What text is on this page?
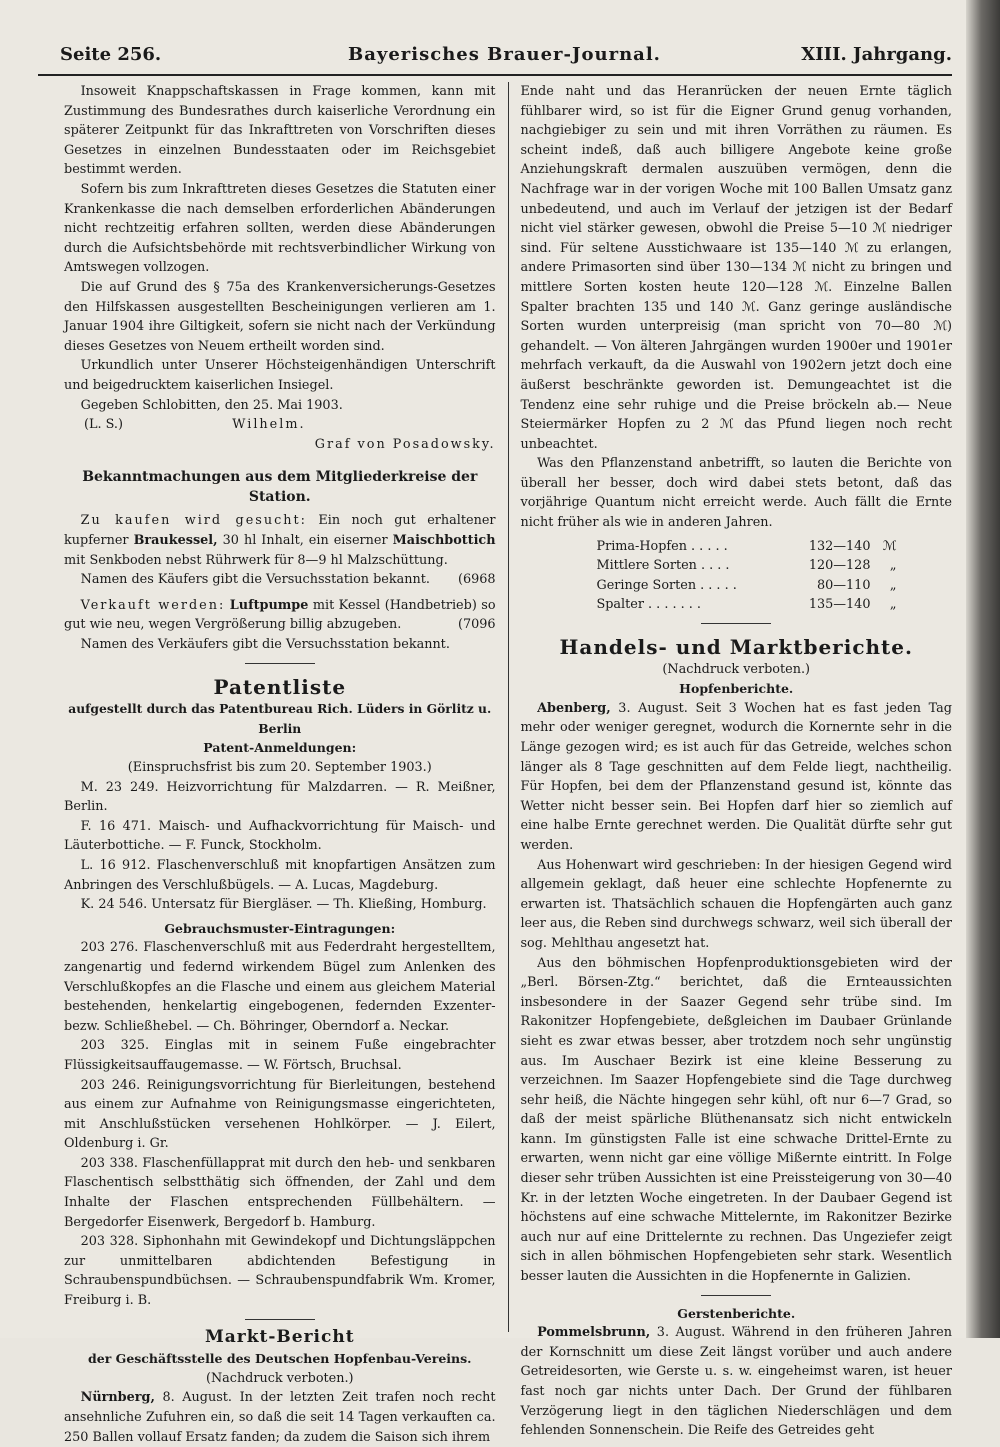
Seite 256.	Bayerisches Brauer-Journal.	XIII. Jahrgang.

Insoweit Knappschaftskassen in Frage kommen, kann mit Zustimmung des Bundesrathes durch kaiserliche Verordnung ein späterer Zeitpunkt für das Inkrafttreten von Vorschriften dieses Gesetzes in einzelnen Bundesstaaten oder im Reichsgebiet bestimmt werden.

Sofern bis zum Inkrafttreten dieses Gesetzes die Statuten einer Krankenkasse die nach demselben erforderlichen Abänderungen nicht rechtzeitig erfahren sollten, werden diese Abänderungen durch die Aufsichtsbehörde mit rechtsverbindlicher Wirkung von Amtswegen vollzogen.

Die auf Grund des § 75a des Krankenversicherungs-Gesetzes den Hilfskassen ausgestellten Bescheinigungen verlieren am 1. Januar 1904 ihre Giltigkeit, sofern sie nicht nach der Verkündung dieses Gesetzes von Neuem ertheilt worden sind.

Urkundlich unter Unserer Höchsteigenhändigen Unterschrift und beigedrucktem kaiserlichen Insiegel.

Gegeben Schlobitten, den 25. Mai 1903.

(L. S.)	Wilhelm.
Graf von Posadowsky.
Bekanntmachungen aus dem Mitgliederkreise der Station.

Zu kaufen wird gesucht: Ein noch gut erhaltener kupferner Braukessel, 30 hl Inhalt, ein eiserner Maischbottich mit Senkboden nebst Rührwerk für 8—9 hl Malzschüttung.
(6968

Namen des Käufers gibt die Versuchsstation bekannt.

Verkauft werden: Luftpumpe mit Kessel (Handbetrieb) so gut wie neu, wegen Vergrößerung billig abzugeben.	(7096

Namen des Verkäufers gibt die Versuchsstation bekannt.

Patentliste
aufgestellt durch das Patentbureau Rich. Lüders in Görlitz u. Berlin
Patent-Anmeldungen:
(Einspruchsfrist bis zum 20. September 1903.)

M. 23 249. Heizvorrichtung für Malzdarren. — R. Meißner, Berlin.

F. 16 471. Maisch- und Aufhackvorrichtung für Maisch- und Läuterbottiche. — F. Funck, Stockholm.

L. 16 912. Flaschenverschluß mit knopfartigen Ansätzen zum Anbringen des Verschlußbügels. — A. Lucas, Magdeburg.

K. 24 546. Untersatz für Biergläser. — Th. Kließing, Homburg.

Gebrauchsmuster-Eintragungen:

203 276. Flaschenverschluß mit aus Federdraht hergestelltem, zangenartig und federnd wirkendem Bügel zum Anlenken des Verschlußkopfes an die Flasche und einem aus gleichem Material bestehenden, henkelartig eingebogenen, federnden Exzenter- bezw. Schließhebel. — Ch. Böhringer, Oberndorf a. Neckar.

203 325. Einglas mit in seinem Fuße eingebrachter Flüssigkeitsauffaugemasse. — W. Förtsch, Bruchsal.

203 246. Reinigungsvorrichtung für Bierleitungen, bestehend aus einem zur Aufnahme von Reinigungsmasse eingerichteten, mit Anschlußstücken versehenen Hohlkörper. — J. Eilert, Oldenburg i. Gr.

203 338. Flaschenfüllapprat mit durch den heb- und senkbaren Flaschentisch selbstthätig sich öffnenden, der Zahl und dem Inhalte der Flaschen entsprechenden Füllbehältern. — Bergedorfer Eisenwerk, Bergedorf b. Hamburg.

203 328. Siphonhahn mit Gewindekopf und Dichtungsläppchen zur unmittelbaren abdichtenden Befestigung in Schraubenspundbüchsen. — Schraubenspundfabrik Wm. Kromer, Freiburg i. B.

Markt-Bericht
der Geschäftsstelle des Deutschen Hopfenbau-Vereins.
(Nachdruck verboten.)

Nürnberg, 8. August. In der letzten Zeit trafen noch recht ansehnliche Zufuhren ein, so daß die seit 14 Tagen verkauften ca. 250 Ballen vollauf Ersatz fanden; da zudem die Saison sich ihrem

Ende naht und das Heranrücken der neuen Ernte täglich fühlbarer wird, so ist für die Eigner Grund genug vorhanden, nachgiebiger zu sein und mit ihren Vorräthen zu räumen. Es scheint indeß, daß auch billigere Angebote keine große Anziehungskraft dermalen auszuüben vermögen, denn die Nachfrage war in der vorigen Woche mit 100 Ballen Umsatz ganz unbedeutend, und auch im Verlauf der jetzigen ist der Bedarf nicht viel stärker gewesen, obwohl die Preise 5—10 ℳ niedriger sind. Für seltene Ausstichwaare ist 135—140 ℳ zu erlangen, andere Primasorten sind über 130—134 ℳ nicht zu bringen und mittlere Sorten kosten heute 120—128 ℳ. Einzelne Ballen Spalter brachten 135 und 140 ℳ. Ganz geringe ausländische Sorten wurden unterpreisig (man spricht von 70—80 ℳ) gehandelt. — Von älteren Jahrgängen wurden 1900er und 1901er mehrfach verkauft, da die Auswahl von 1902ern jetzt doch eine äußerst beschränkte geworden ist. Demungeachtet ist die Tendenz eine sehr ruhige und die Preise bröckeln ab.— Neue Steiermärker Hopfen zu 2 ℳ das Pfund liegen noch recht unbeachtet.

Was den Pflanzenstand anbetrifft, so lauten die Berichte von überall her besser, doch wird dabei stets betont, daß das vorjährige Quantum nicht erreicht werde. Auch fällt die Ernte nicht früher als wie in anderen Jahren.

Prima-Hopfen . . . . .	132—140 ℳ
Mittlere Sorten . . . .	120—128	„
Geringe Sorten . . . . .	80—110	„
Spalter . . . . . . .	135—140	„
Handels- und Marktberichte.
(Nachdruck verboten.)
Hopfenberichte.

Abenberg, 3. August. Seit 3 Wochen hat es fast jeden Tag mehr oder weniger geregnet, wodurch die Kornernte sehr in die Länge gezogen wird; es ist auch für das Getreide, welches schon länger als 8 Tage geschnitten auf dem Felde liegt, nachtheilig. Für Hopfen, bei dem der Pflanzenstand gesund ist, könnte das Wetter nicht besser sein. Bei Hopfen darf hier so ziemlich auf eine halbe Ernte gerechnet werden. Die Qualität dürfte sehr gut werden.

Aus Hohenwart wird geschrieben: In der hiesigen Gegend wird allgemein geklagt, daß heuer eine schlechte Hopfenernte zu erwarten ist. Thatsächlich schauen die Hopfengärten auch ganz leer aus, die Reben sind durchwegs schwarz, weil sich überall der sog. Mehlthau angesetzt hat.

Aus den böhmischen Hopfenproduktionsgebieten wird der „Berl. Börsen-Ztg.“ berichtet, daß die Ernteaussichten insbesondere in der Saazer Gegend sehr trübe sind. Im Rakonitzer Hopfengebiete, deßgleichen im Daubaer Grünlande sieht es zwar etwas besser, aber trotzdem noch sehr ungünstig aus. Im Auschaer Bezirk ist eine kleine Besserung zu verzeichnen. Im Saazer Hopfengebiete sind die Tage durchweg sehr heiß, die Nächte hingegen sehr kühl, oft nur 6—7 Grad, so daß der meist spärliche Blüthenansatz sich nicht entwickeln kann. Im günstigsten Falle ist eine schwache Drittel-Ernte zu erwarten, wenn nicht gar eine völlige Mißernte eintritt. In Folge dieser sehr trüben Aussichten ist eine Preissteigerung von 30—40 Kr. in der letzten Woche eingetreten. In der Daubaer Gegend ist höchstens auf eine schwache Mittelernte, im Rakonitzer Bezirke auch nur auf eine Drittelernte zu rechnen. Das Ungeziefer zeigt sich in allen böhmischen Hopfengebieten sehr stark. Wesentlich besser lauten die Aussichten in die Hopfenernte in Galizien.

Gerstenberichte.

Pommelsbrunn, 3. August. Während in den früheren Jahren der Kornschnitt um diese Zeit längst vorüber und auch andere Getreidesorten, wie Gerste u. s. w. eingeheimst waren, ist heuer fast noch gar nichts unter Dach. Der Grund der fühlbaren Verzögerung liegt in den täglichen Niederschlägen und dem fehlenden Sonnenschein. Die Reife des Getreides geht
